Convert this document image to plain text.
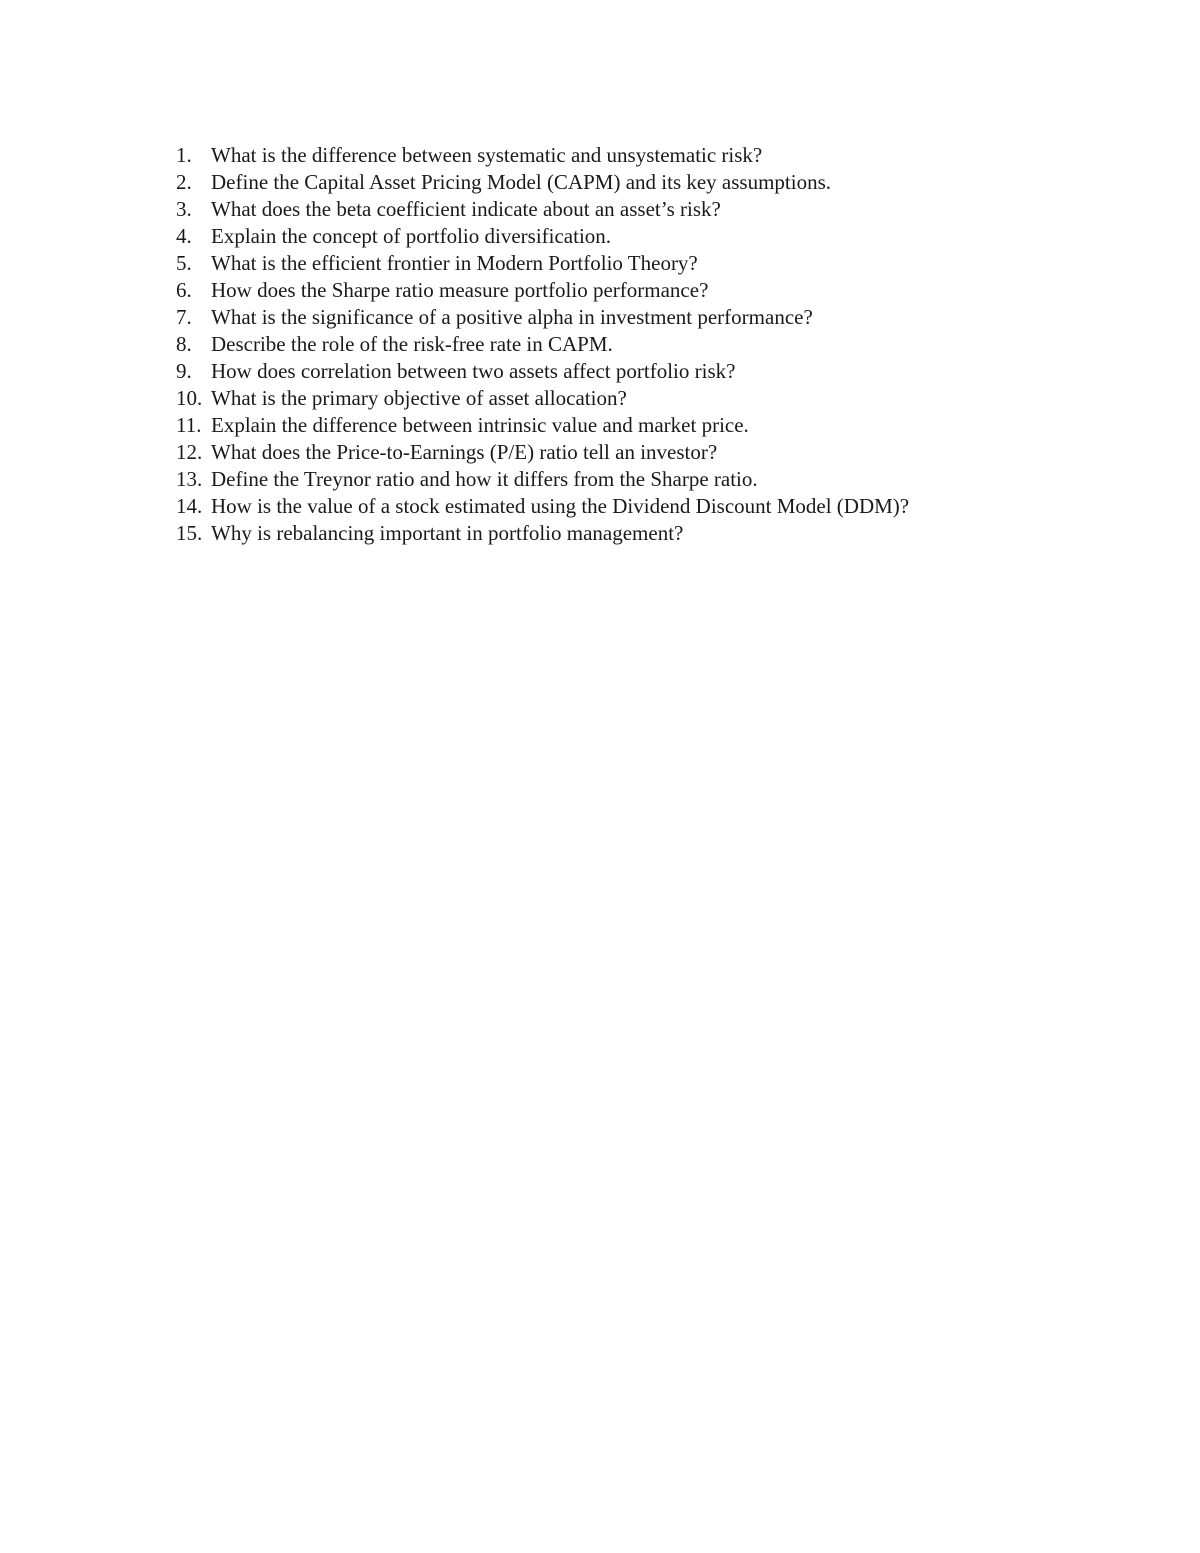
1. What is the difference between systematic and unsystematic risk?
2. Define the Capital Asset Pricing Model (CAPM) and its key assumptions.
3. What does the beta coefficient indicate about an asset’s risk?
4. Explain the concept of portfolio diversification.
5. What is the efficient frontier in Modern Portfolio Theory?
6. How does the Sharpe ratio measure portfolio performance?
7. What is the significance of a positive alpha in investment performance?
8. Describe the role of the risk-free rate in CAPM.
9. How does correlation between two assets affect portfolio risk?
10. What is the primary objective of asset allocation?
11. Explain the difference between intrinsic value and market price.
12. What does the Price-to-Earnings (P/E) ratio tell an investor?
13. Define the Treynor ratio and how it differs from the Sharpe ratio.
14. How is the value of a stock estimated using the Dividend Discount Model (DDM)?
15. Why is rebalancing important in portfolio management?
